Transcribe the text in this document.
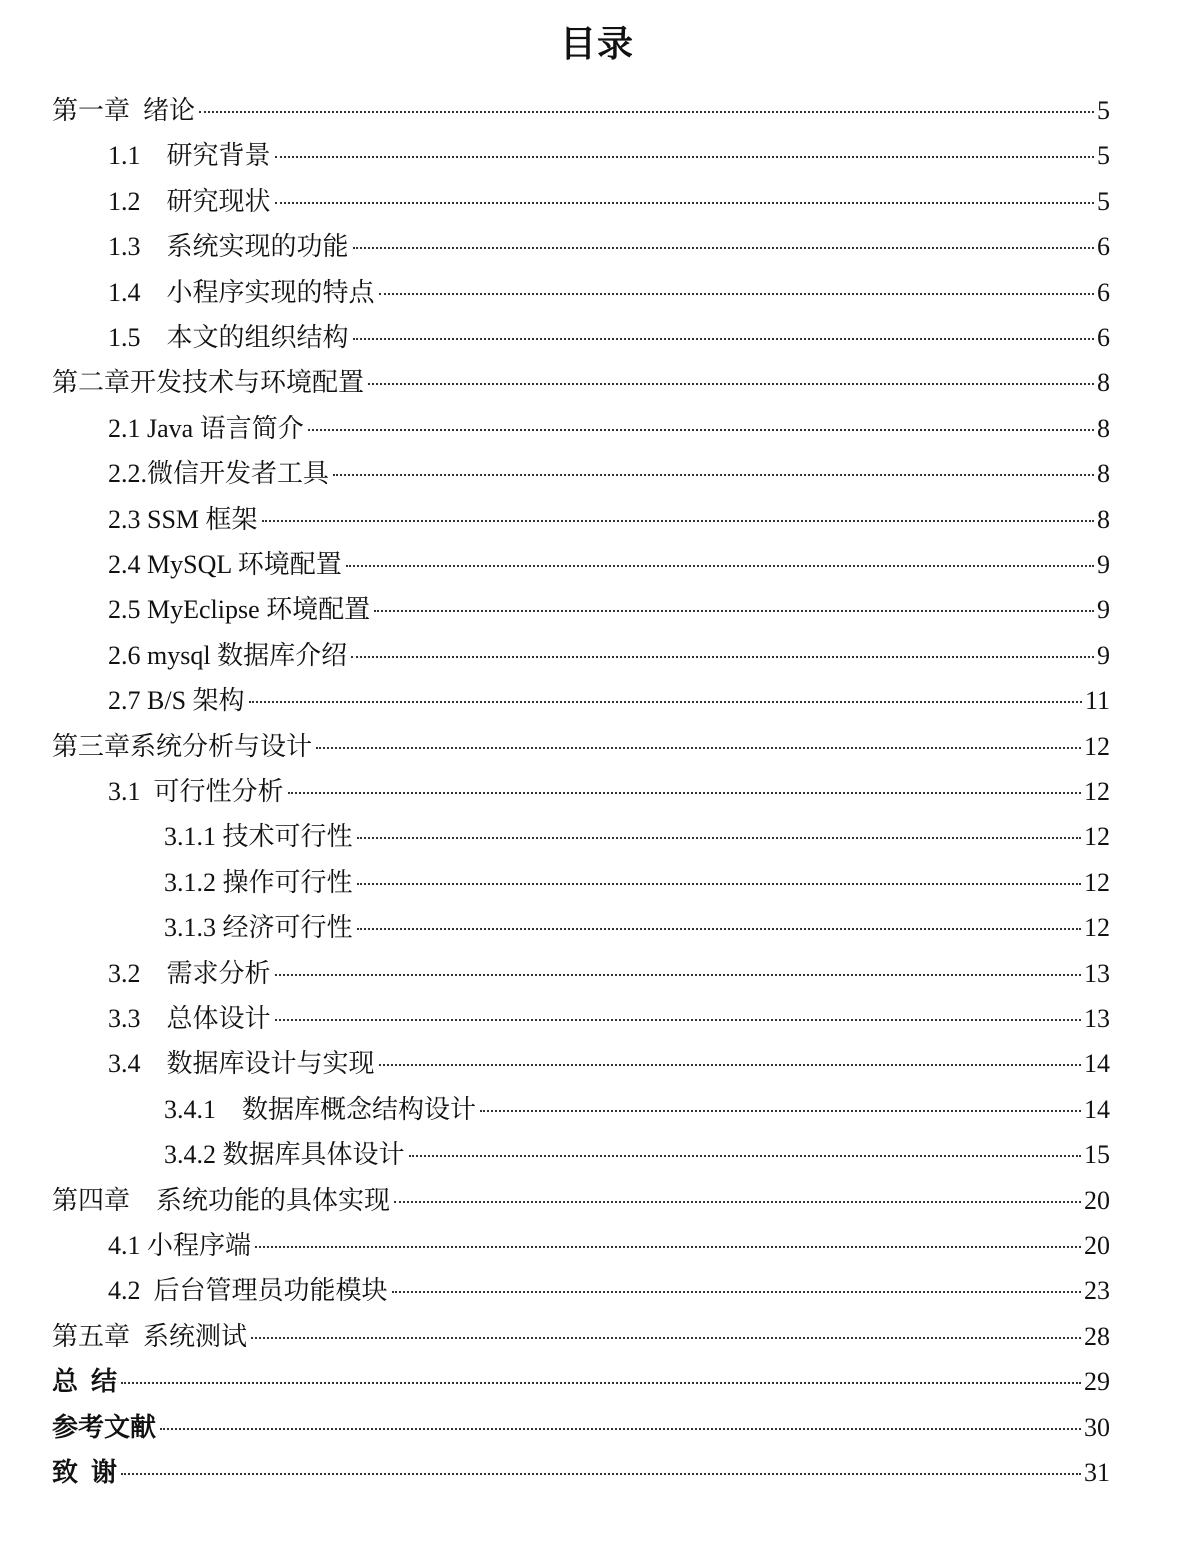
目录
第一章  绪论	5
1.1    研究背景	5
1.2    研究现状	5
1.3    系统实现的功能	6
1.4    小程序实现的特点	6
1.5    本文的组织结构	6
第二章开发技术与环境配置	8
2.1 Java 语言简介	8
2.2.微信开发者工具	8
2.3 SSM 框架	8
2.4 MySQL 环境配置	9
2.5 MyEclipse 环境配置	9
2.6 mysql 数据库介绍	9
2.7 B/S 架构	11
第三章系统分析与设计	12
3.1  可行性分析	12
3.1.1 技术可行性	12
3.1.2 操作可行性	12
3.1.3 经济可行性	12
3.2    需求分析	13
3.3    总体设计	13
3.4    数据库设计与实现	14
3.4.1    数据库概念结构设计	14
3.4.2 数据库具体设计	15
第四章    系统功能的具体实现	20
4.1 小程序端	20
4.2  后台管理员功能模块	23
第五章  系统测试	28
总  结	29
参考文献	30
致  谢	31
